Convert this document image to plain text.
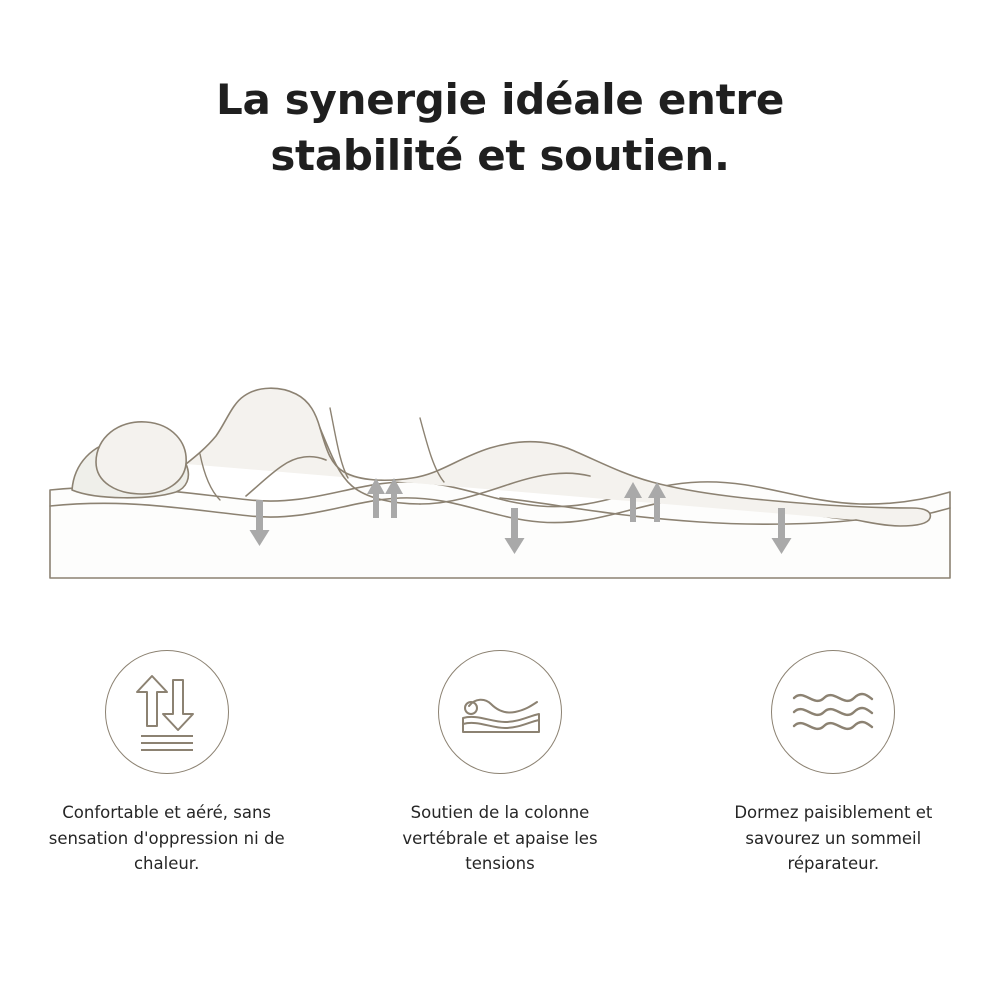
La synergie idéale entre
stabilité et soutien.
Confortable et aéré, sans sensation d'oppression ni de chaleur.
Soutien de la colonne vertébrale et apaise les tensions
Dormez paisiblement et savourez un sommeil réparateur.
